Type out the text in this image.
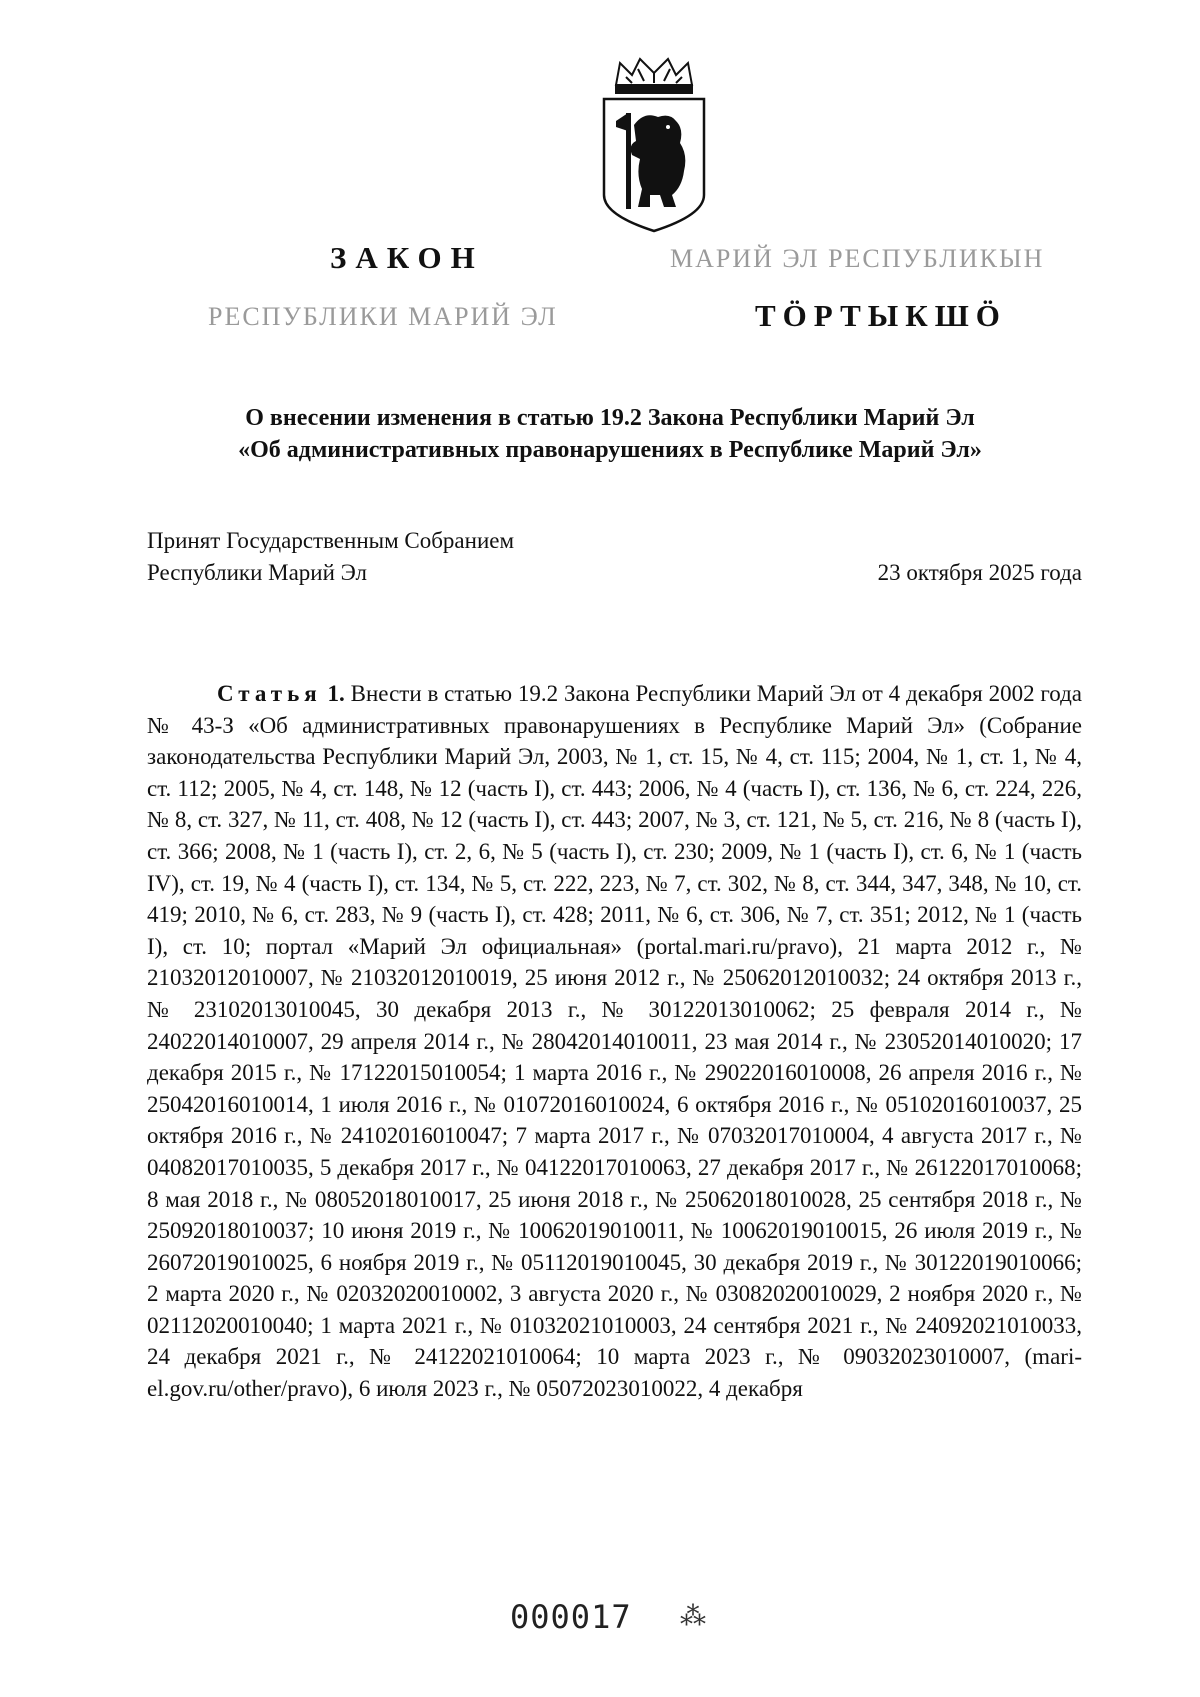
ЗАКОН	МАРИЙ ЭЛ РЕСПУБЛИКЫН
РЕСПУБЛИКИ МАРИЙ ЭЛ	ТӦРТЫКШӦ
О внесении изменения в статью 19.2 Закона Республики Марий Эл
«Об административных правонарушениях в Республике Марий Эл»
Принят Государственным Собранием
Республики Марий Эл	23 октября 2025 года
Статья 1. Внести в статью 19.2 Закона Республики Марий Эл от 4 декабря 2002 года № 43-З «Об административных правонарушениях в Республике Марий Эл» (Собрание законодательства Республики Марий Эл, 2003, № 1, ст. 15, № 4, ст. 115; 2004, № 1, ст. 1, № 4, ст. 112; 2005, № 4, ст. 148, № 12 (часть I), ст. 443; 2006, № 4 (часть I), ст. 136, № 6, ст. 224, 226, № 8, ст. 327, № 11, ст. 408, № 12 (часть I), ст. 443; 2007, № 3, ст. 121, № 5, ст. 216, № 8 (часть I), ст. 366; 2008, № 1 (часть I), ст. 2, 6, № 5 (часть I), ст. 230; 2009, № 1 (часть I), ст. 6, № 1 (часть IV), ст. 19, № 4 (часть I), ст. 134, № 5, ст. 222, 223, № 7, ст. 302, № 8, ст. 344, 347, 348, № 10, ст. 419; 2010, № 6, ст. 283, № 9 (часть I), ст. 428; 2011, № 6, ст. 306, № 7, ст. 351; 2012, № 1 (часть I), ст. 10; портал «Марий Эл официальная» (portal.mari.ru/pravo), 21 марта 2012 г., № 21032012010007, № 21032012010019, 25 июня 2012 г., № 25062012010032; 24 октября 2013 г., № 23102013010045, 30 декабря 2013 г., № 30122013010062; 25 февраля 2014 г., № 24022014010007, 29 апреля 2014 г., № 28042014010011, 23 мая 2014 г., № 23052014010020; 17 декабря 2015 г., № 17122015010054; 1 марта 2016 г., № 29022016010008, 26 апреля 2016 г., № 25042016010014, 1 июля 2016 г., № 01072016010024, 6 октября 2016 г., № 05102016010037, 25 октября 2016 г., № 24102016010047; 7 марта 2017 г., № 07032017010004, 4 августа 2017 г., № 04082017010035, 5 декабря 2017 г., № 04122017010063, 27 декабря 2017 г., № 26122017010068; 8 мая 2018 г., № 08052018010017, 25 июня 2018 г., № 25062018010028, 25 сентября 2018 г., № 25092018010037; 10 июня 2019 г., № 10062019010011, № 10062019010015, 26 июля 2019 г., № 26072019010025, 6 ноября 2019 г., № 05112019010045, 30 декабря 2019 г., № 30122019010066; 2 марта 2020 г., № 02032020010002, 3 августа 2020 г., № 03082020010029, 2 ноября 2020 г., № 02112020010040; 1 марта 2021 г., № 01032021010003, 24 сентября 2021 г., № 24092021010033, 24 декабря 2021 г., № 24122021010064; 10 марта 2023 г., № 09032023010007, (mari-el.gov.ru/other/pravo), 6 июля 2023 г., № 05072023010022, 4 декабря
000017 ⁂
